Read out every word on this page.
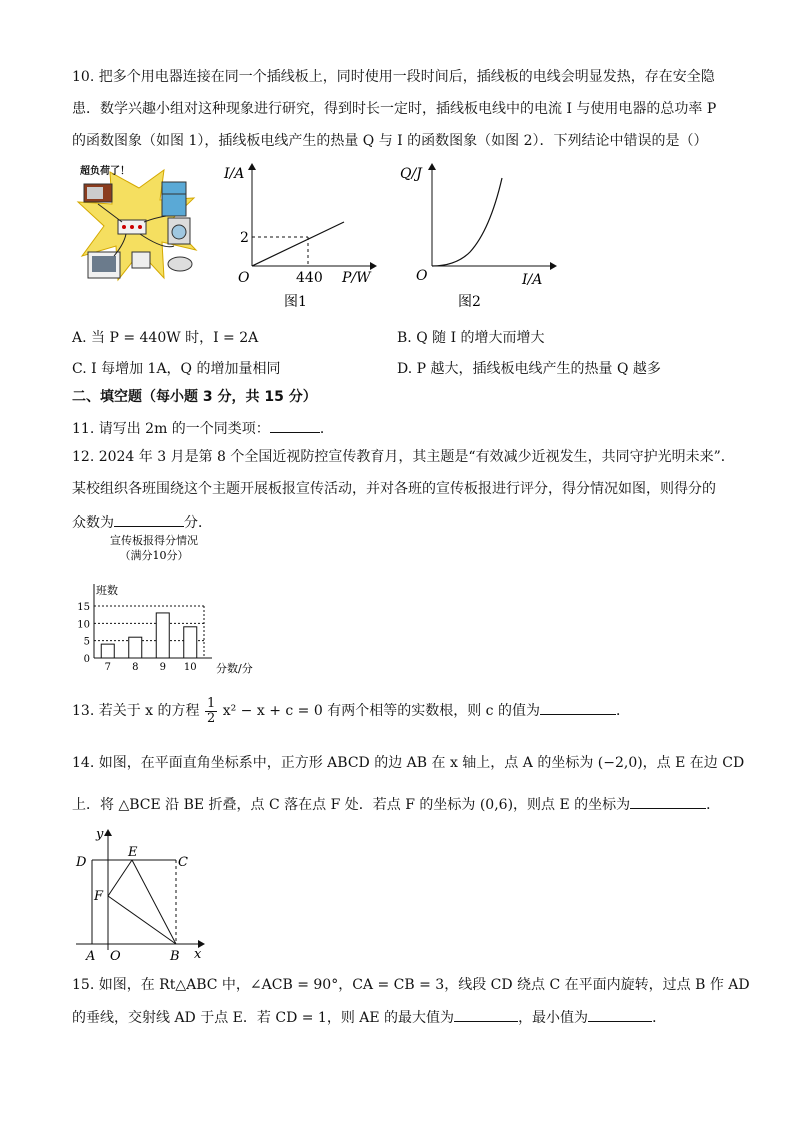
10. 把多个用电器连接在同一个插线板上，同时使用一段时间后，插线板的电线会明显发热，存在安全隐
患．数学兴趣小组对这种现象进行研究，得到时长一定时，插线板电线中的电流 I 与使用电器的总功率 P
的函数图象（如图 1），插线板电线产生的热量 Q 与 I 的函数图象（如图 2）．下列结论中错误的是（）
超负荷了！	I/A
O
2
440 P/W
图1
Q/J
O	I/A
图2
A. 当 P = 440W 时，I = 2A	B. Q 随 I 的增大而增大
C. I 每增加 1A，Q 的增加量相同	D. P 越大，插线板电线产生的热量 Q 越多
二、填空题（每小题 3 分，共 15 分）
11. 请写出 2m 的一个同类项：	．
12. 2024 年 3 月是第 8 个全国近视防控宣传教育月，其主题是“有效减少近视发生，共同守护光明未来”．
某校组织各班围绕这个主题开展板报宣传活动，并对各班的宣传板报进行评分，得分情况如图，则得分的
众数为	分．
宣传板报得分情况
（满分10分）
0
5
10
15
班数
7 8 9 10 分数/分
13. 若关于 x 的方程 $\frac{1}{2} x^2 - x + c = 0$ 有两个相等的实数根，则 c 的值为	．
14. 如图，在平面直角坐标系中，正方形 ABCD 的边 AB 在 x 轴上，点 A 的坐标为 (−2,0)，点 E 在边 CD
上．将 △BCE 沿 BE 折叠，点 C 落在点 F 处．若点 F 的坐标为 (0,6)，则点 E 的坐标为	．
y
x
D
E
C
F
A O	B
15. 如图，在 Rt△ABC 中，∠ACB = 90°，CA = CB = 3，线段 CD 绕点 C 在平面内旋转，过点 B 作 AD
的垂线，交射线 AD 于点 E．若 CD = 1，则 AE 的最大值为	，最小值为	．
